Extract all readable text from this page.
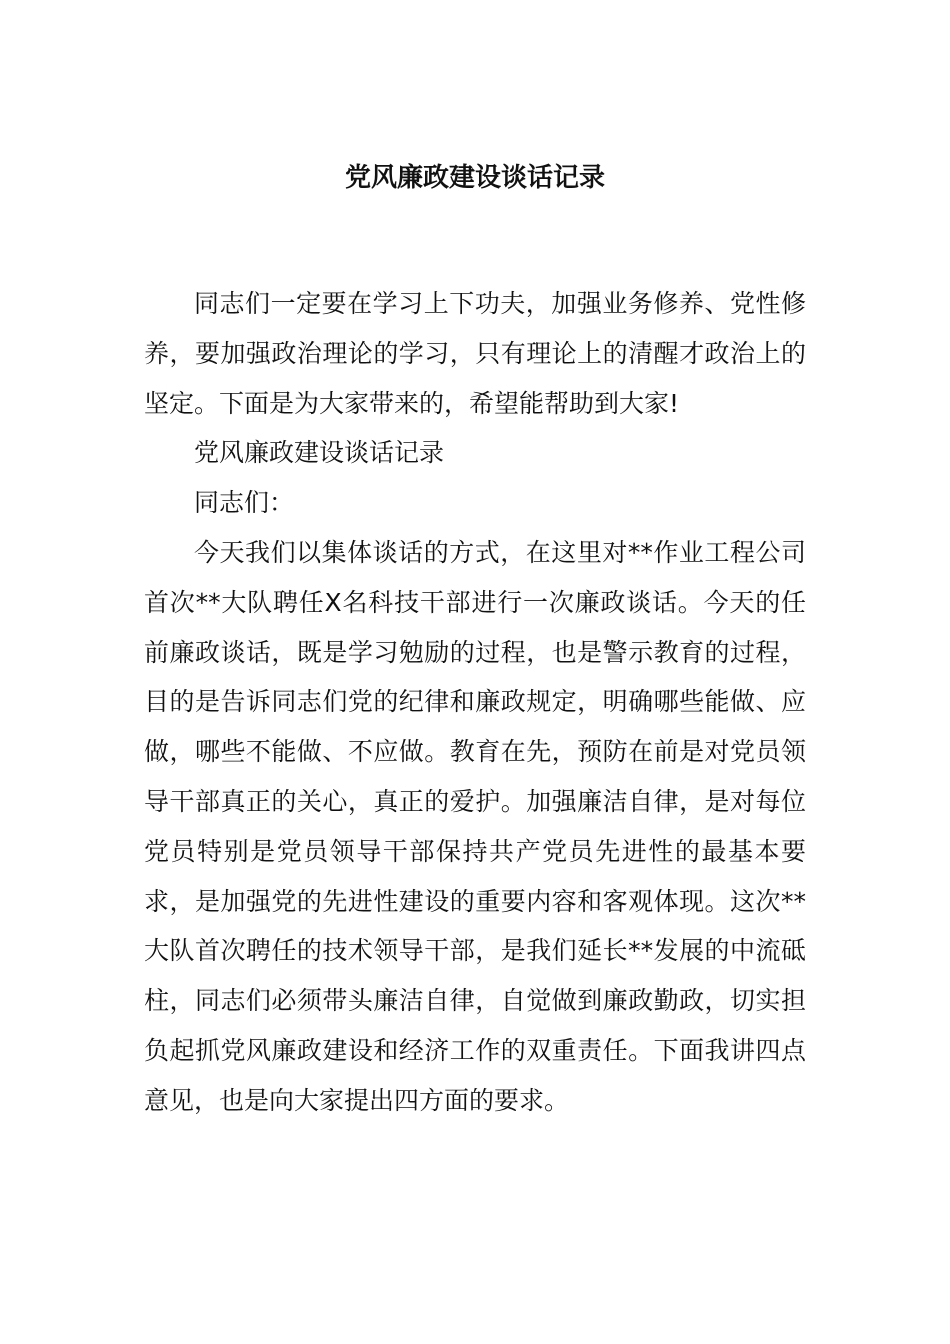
党风廉政建设谈话记录

同志们一定要在学习上下功夫，加强业务修养、党性修养，要加强政治理论的学习，只有理论上的清醒才政治上的坚定。下面是为大家带来的，希望能帮助到大家!

党风廉政建设谈话记录

同志们：

今天我们以集体谈话的方式，在这里对**作业工程公司首次**大队聘任X名科技干部进行一次廉政谈话。今天的任前廉政谈话，既是学习勉励的过程，也是警示教育的过程，目的是告诉同志们党的纪律和廉政规定，明确哪些能做、应做，哪些不能做、不应做。教育在先，预防在前是对党员领导干部真正的关心，真正的爱护。加强廉洁自律，是对每位党员特别是党员领导干部保持共产党员先进性的最基本要求，是加强党的先进性建设的重要内容和客观体现。这次**大队首次聘任的技术领导干部，是我们延长**发展的中流砥柱，同志们必须带头廉洁自律，自觉做到廉政勤政，切实担负起抓党风廉政建设和经济工作的双重责任。下面我讲四点意见，也是向大家提出四方面的要求。
